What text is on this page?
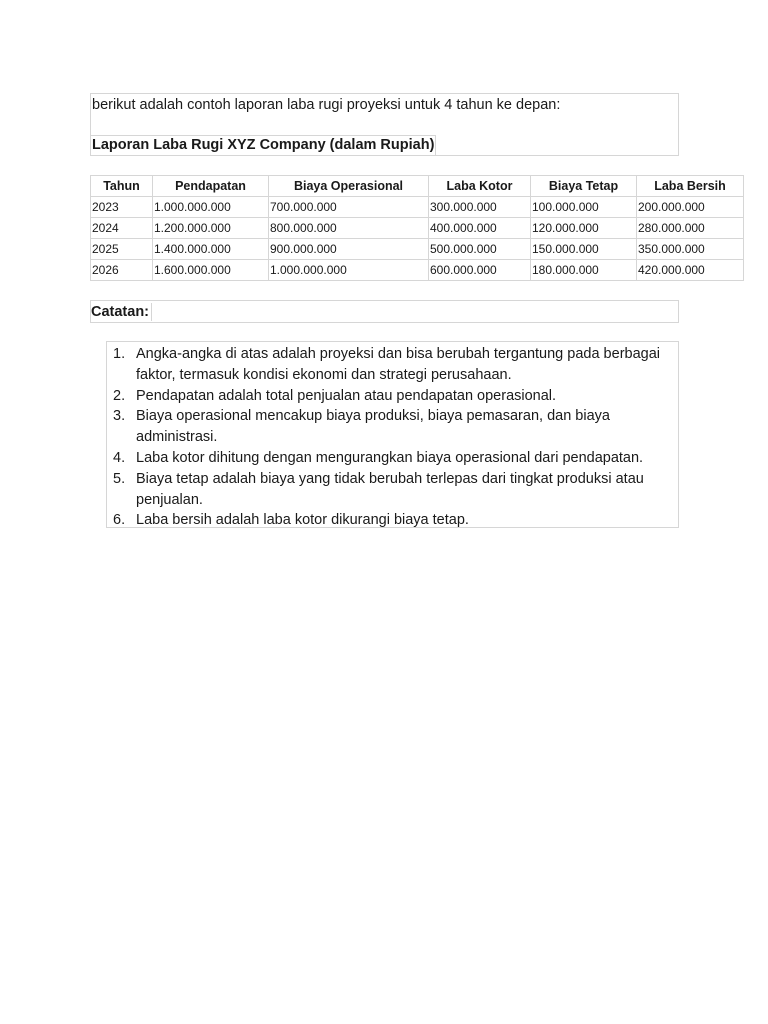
berikut adalah contoh laporan laba rugi proyeksi untuk 4 tahun ke depan:
Laporan Laba Rugi XYZ Company (dalam Rupiah)
Tahun	Pendapatan	Biaya Operasional	Laba Kotor	Biaya Tetap	Laba Bersih
2023	1.000.000.000	700.000.000	300.000.000	100.000.000	200.000.000
2024	1.200.000.000	800.000.000	400.000.000	120.000.000	280.000.000
2025	1.400.000.000	900.000.000	500.000.000	150.000.000	350.000.000
2026	1.600.000.000	1.000.000.000	600.000.000	180.000.000	420.000.000
Catatan:
1. Angka-angka di atas adalah proyeksi dan bisa berubah tergantung pada berbagai faktor, termasuk kondisi ekonomi dan strategi perusahaan.
2. Pendapatan adalah total penjualan atau pendapatan operasional.
3. Biaya operasional mencakup biaya produksi, biaya pemasaran, dan biaya administrasi.
4. Laba kotor dihitung dengan mengurangkan biaya operasional dari pendapatan.
5. Biaya tetap adalah biaya yang tidak berubah terlepas dari tingkat produksi atau penjualan.
6. Laba bersih adalah laba kotor dikurangi biaya tetap.
